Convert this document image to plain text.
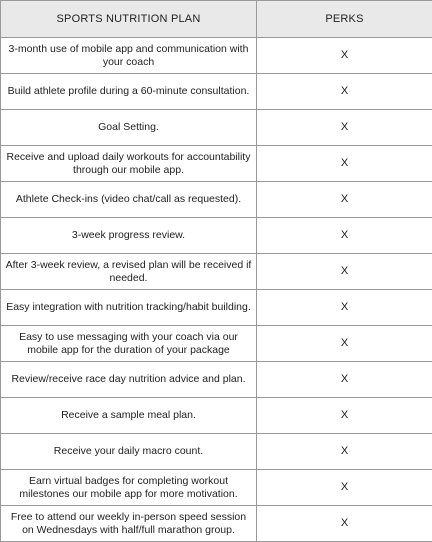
SPORTS NUTRITION PLAN	PERKS
3-month use of mobile app and communication with your coach	X
Build athlete profile during a 60-minute consultation.	X
Goal Setting.	X
Receive and upload daily workouts for accountability through our mobile app.	X
Athlete Check-ins (video chat/call as requested).	X
3-week progress review.	X
After 3-week review, a revised plan will be received if needed.	X
Easy integration with nutrition tracking/habit building.	X
Easy to use messaging with your coach via our mobile app for the duration of your package	X
Review/receive race day nutrition advice and plan.	X
Receive a sample meal plan.	X
Receive your daily macro count.	X
Earn virtual badges for completing workout milestones our mobile app for more motivation.	X
Free to attend our weekly in-person speed session on Wednesdays with half/full marathon group.	X
